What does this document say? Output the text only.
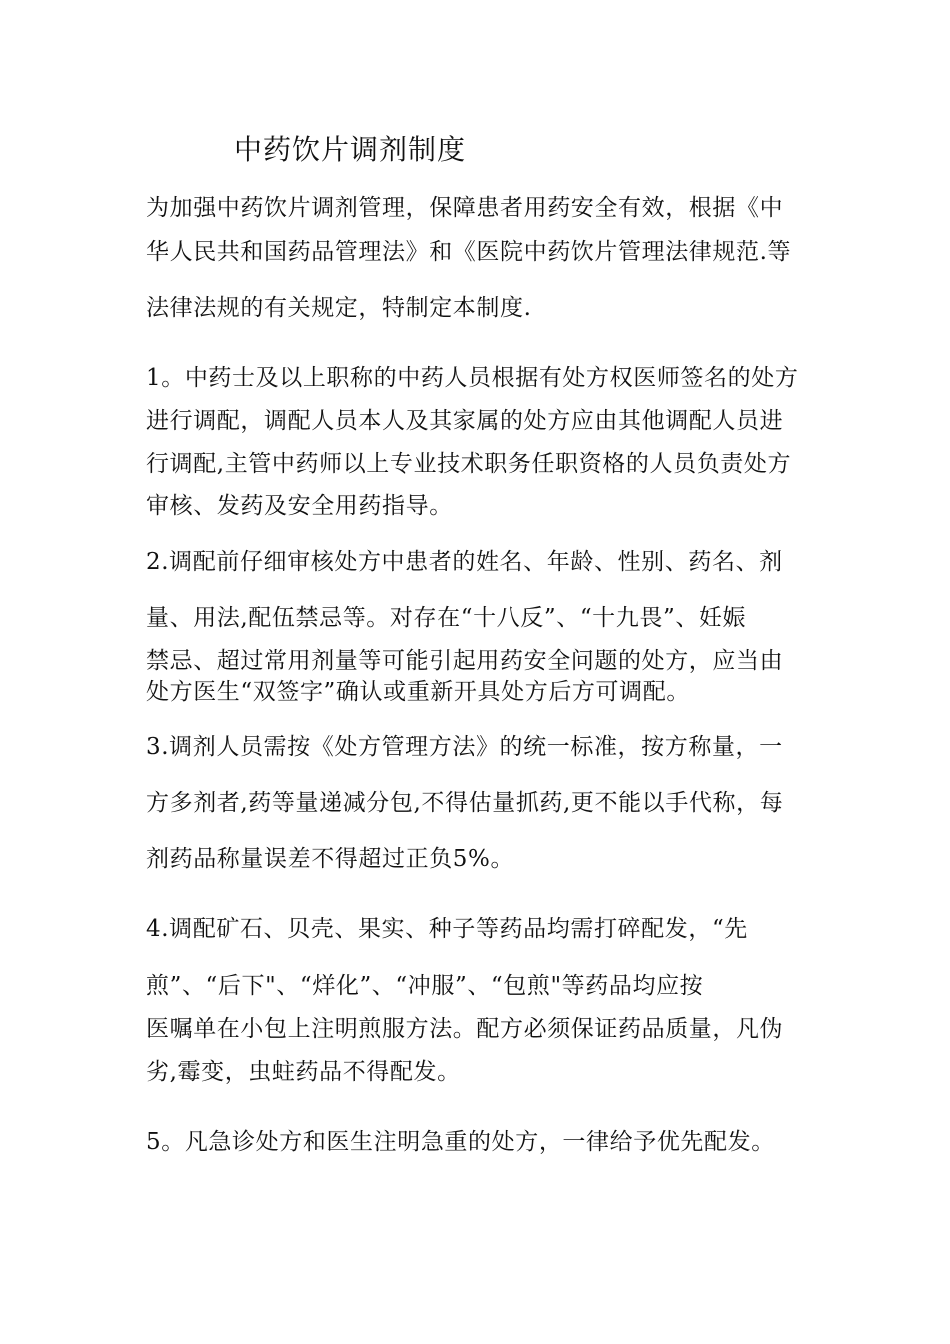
中药饮片调剂制度
为加强中药饮片调剂管理，保障患者用药安全有效，根据《中
华人民共和国药品管理法》和《医院中药饮片管理法律规范.等
法律法规的有关规定，特制定本制度.
1。中药士及以上职称的中药人员根据有处方权医师签名的处方
进行调配，调配人员本人及其家属的处方应由其他调配人员进
行调配,主管中药师以上专业技术职务任职资格的人员负责处方
审核、发药及安全用药指导。
2.调配前仔细审核处方中患者的姓名、年龄、性别、药名、剂
量、用法,配伍禁忌等。对存在“十八反”、“十九畏”、妊娠
禁忌、超过常用剂量等可能引起用药安全问题的处方，应当由
处方医生“双签字”确认或重新开具处方后方可调配。
3.调剂人员需按《处方管理方法》的统一标准，按方称量，一
方多剂者,药等量递减分包,不得估量抓药,更不能以手代称，每
剂药品称量误差不得超过正负5%。
4.调配矿石、贝壳、果实、种子等药品均需打碎配发，“先
煎”、“后下"、“烊化”、“冲服”、“包煎"等药品均应按
医嘱单在小包上注明煎服方法。配方必须保证药品质量，凡伪
劣,霉变，虫蛀药品不得配发。
5。凡急诊处方和医生注明急重的处方，一律给予优先配发。
